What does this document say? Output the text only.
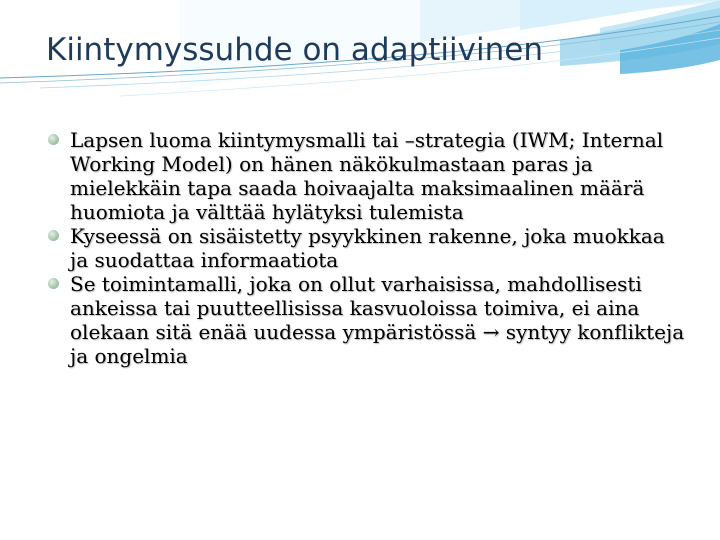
Kiintymyssuhde on adaptiivinen
Lapsen luoma kiintymysmalli tai –strategia (IWM; Internal Working Model) on hänen näkökulmastaan paras ja mielekkäin tapa saada hoivaajalta maksimaalinen määrä huomiota ja välttää hylätyksi tulemista
Kyseessä on sisäistetty psyykkinen rakenne, joka muokkaa ja suodattaa informaatiota
Se toimintamalli, joka on ollut varhaisissa, mahdollisesti ankeissa tai puutteellisissa kasvuoloissa toimiva, ei aina olekaan sitä enää uudessa ympäristössä → syntyy konflikteja ja ongelmia
